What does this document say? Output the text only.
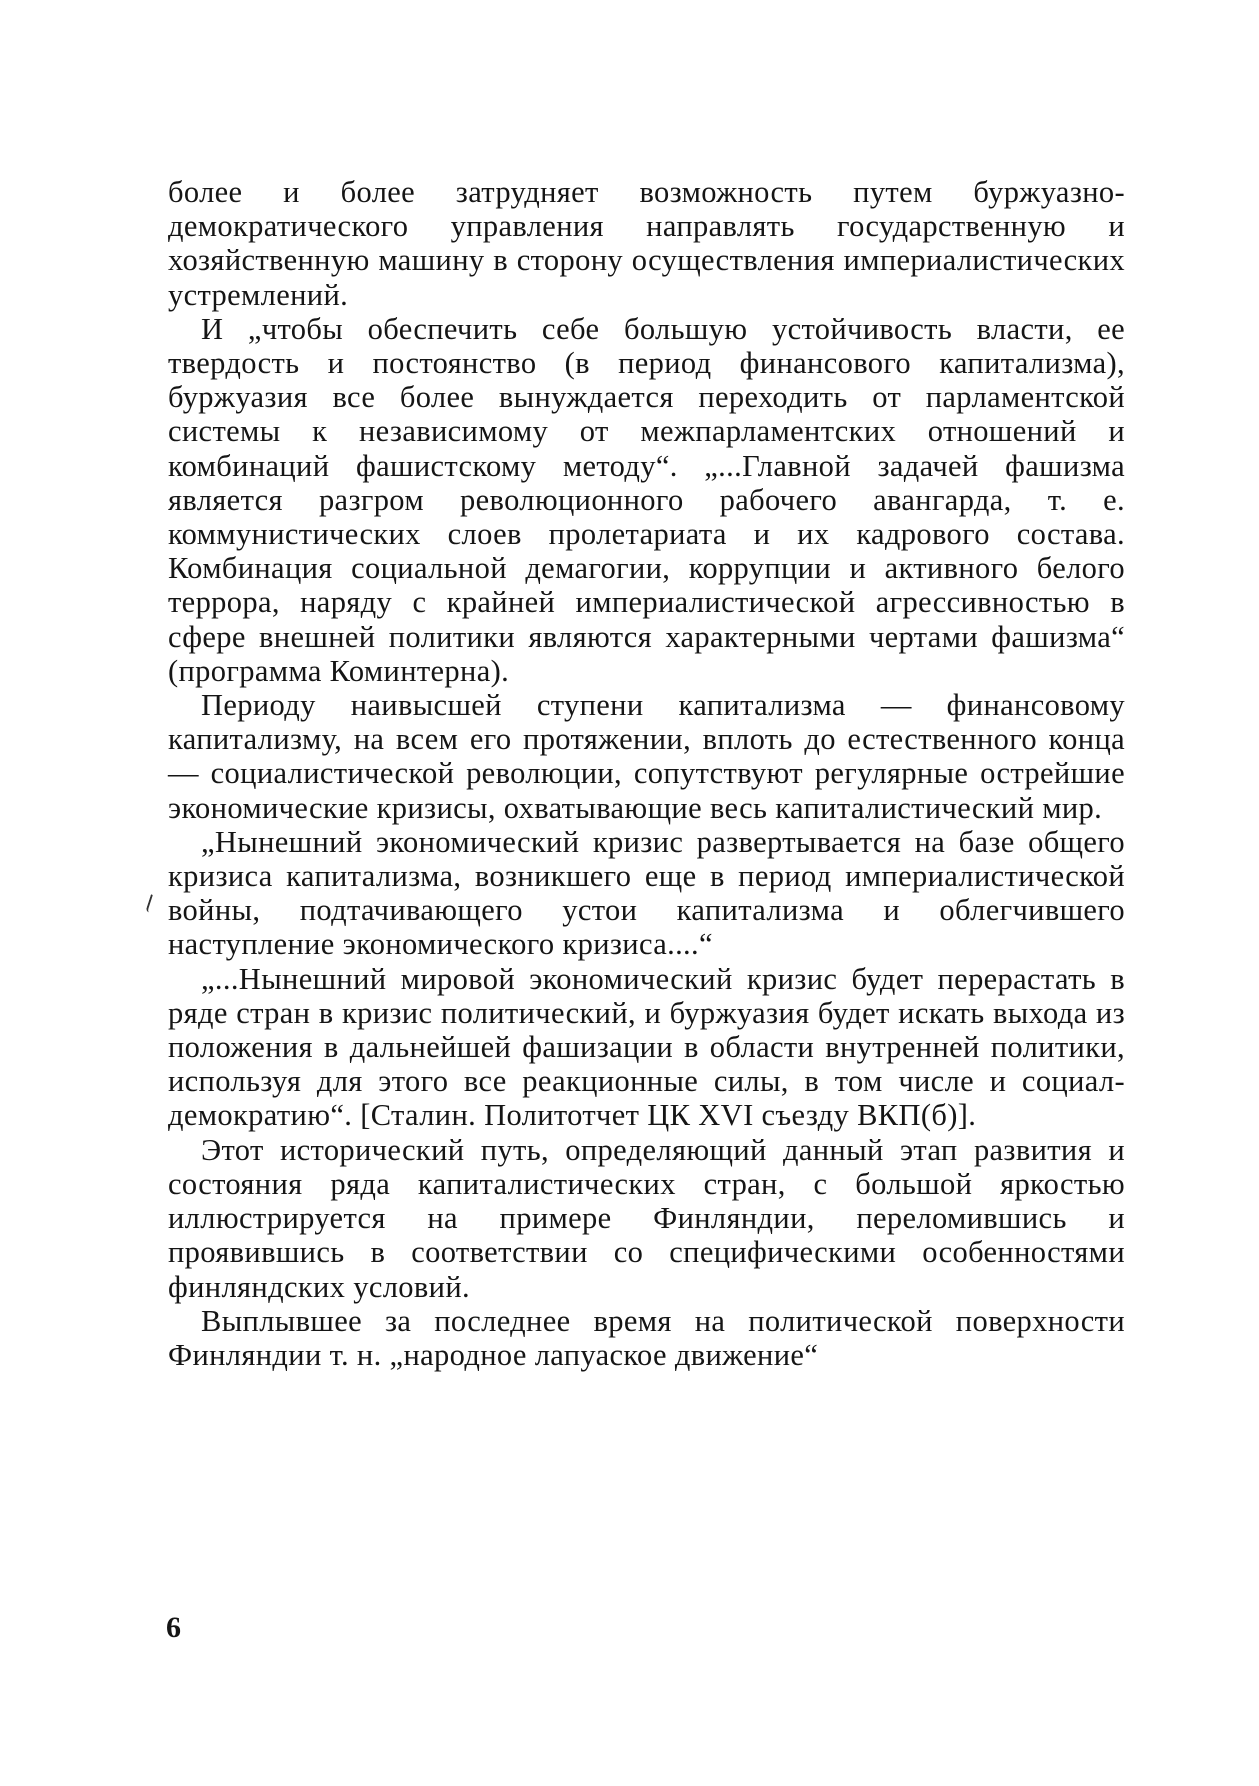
более и более затрудняет возможность путем буржуазно-демократического управления направлять государственную и хозяйственную машину в сторону осуществления империалистических устремлений.

И „чтобы обеспечить себе большую устойчивость власти, ее твердость и постоянство (в период финансового капитализма), буржуазия все более вынуждается переходить от парламентской системы к независимому от межпарламентских отношений и комбинаций фашистскому методу“. „...Главной задачей фашизма является разгром революционного рабочего авангарда, т. е. коммунистических слоев пролетариата и их кадрового состава. Комбинация социальной демагогии, коррупции и активного белого террора, наряду с крайней империалистической агрессивностью в сфере внешней политики являются характерными чертами фашизма“ (программа Коминтерна).

Периоду наивысшей ступени капитализма — финансовому капитализму, на всем его протяжении, вплоть до естественного конца — социалистической революции, сопутствуют регулярные острейшие экономические кризисы, охватывающие весь капиталистический мир.

„Нынешний экономический кризис развертывается на базе общего кризиса капитализма, возникшего еще в период империалистической войны, подтачивающего устои капитализма и облегчившего наступление экономического кризиса....“

„...Нынешний мировой экономический кризис будет перерастать в ряде стран в кризис политический, и буржуазия будет искать выхода из положения в дальнейшей фашизации в области внутренней политики, используя для этого все реакционные силы, в том числе и социал-демократию“. [Сталин. Политотчет ЦК XVI съезду ВКП(б)].

Этот исторический путь, определяющий данный этап развития и состояния ряда капиталистических стран, с большой яркостью иллюстрируется на примере Финляндии, переломившись и проявившись в соответствии со специфическими особенностями финляндских условий.

Выплывшее за последнее время на политической поверхности Финляндии т. н. „народное лапуаское движение“

6
